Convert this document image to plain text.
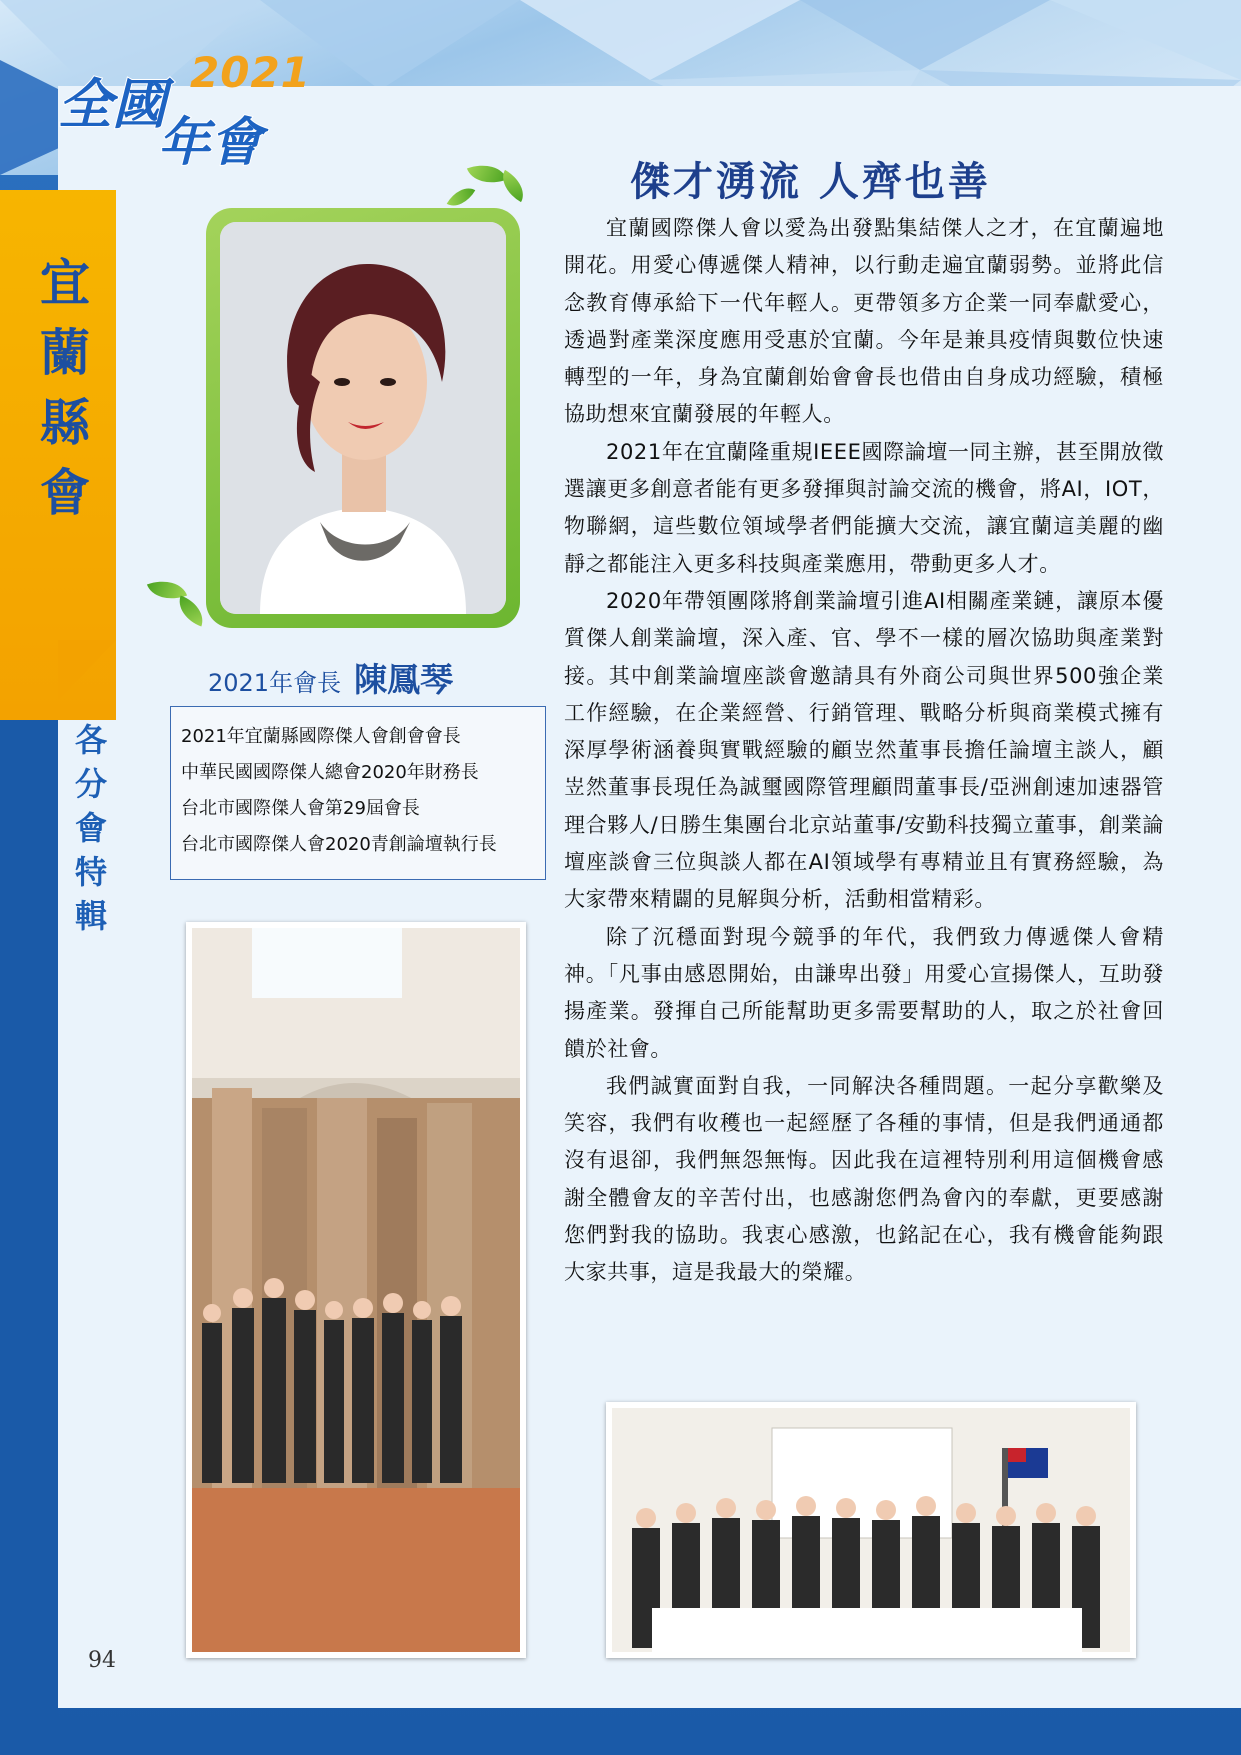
全國
2021
年會
宜
蘭
縣
會
各
分
會
特
輯
2021年會長 陳鳳琴
2021年宜蘭縣國際傑人會創會會長
中華民國國際傑人總會2020年財務長
台北市國際傑人會第29屆會長
台北市國際傑人會2020青創論壇執行長
傑才湧流 人齊也善

宜蘭國際傑人會以愛為出發點集結傑人之才，在宜蘭遍地開花。用愛心傳遞傑人精神，以行動走遍宜蘭弱勢。並將此信念教育傳承給下一代年輕人。更帶領多方企業一同奉獻愛心，透過對產業深度應用受惠於宜蘭。今年是兼具疫情與數位快速轉型的一年，身為宜蘭創始會會長也借由自身成功經驗，積極協助想來宜蘭發展的年輕人。

2021年在宜蘭隆重規IEEE國際論壇一同主辦，甚至開放徵選讓更多創意者能有更多發揮與討論交流的機會，將AI，IOT，物聯網，這些數位領域學者們能擴大交流，讓宜蘭這美麗的幽靜之都能注入更多科技與產業應用，帶動更多人才。

2020年帶領團隊將創業論壇引進AI相關產業鏈，讓原本優質傑人創業論壇，深入產、官、學不一樣的層次協助與產業對接。其中創業論壇座談會邀請具有外商公司與世界500強企業工作經驗，在企業經營、行銷管理、戰略分析與商業模式擁有深厚學術涵養與實戰經驗的顧岦然董事長擔任論壇主談人，顧岦然董事長現任為誠璽國際管理顧問董事長/亞洲創速加速器管理合夥人/日勝生集團台北京站董事/安勤科技獨立董事，創業論壇座談會三位與談人都在AI領域學有專精並且有實務經驗，為大家帶來精闢的見解與分析，活動相當精彩。

除了沉穩面對現今競爭的年代，我們致力傳遞傑人會精神。「凡事由感恩開始，由謙卑出發」用愛心宣揚傑人，互助發揚產業。發揮自己所能幫助更多需要幫助的人，取之於社會回饋於社會。

我們誠實面對自我，一同解決各種問題。一起分享歡樂及笑容，我們有收穫也一起經歷了各種的事情，但是我們通通都沒有退卻，我們無怨無悔。因此我在這裡特別利用這個機會感謝全體會友的辛苦付出，也感謝您們為會內的奉獻，更要感謝您們對我的協助。我衷心感激，也銘記在心，我有機會能夠跟大家共事，這是我最大的榮耀。

94
